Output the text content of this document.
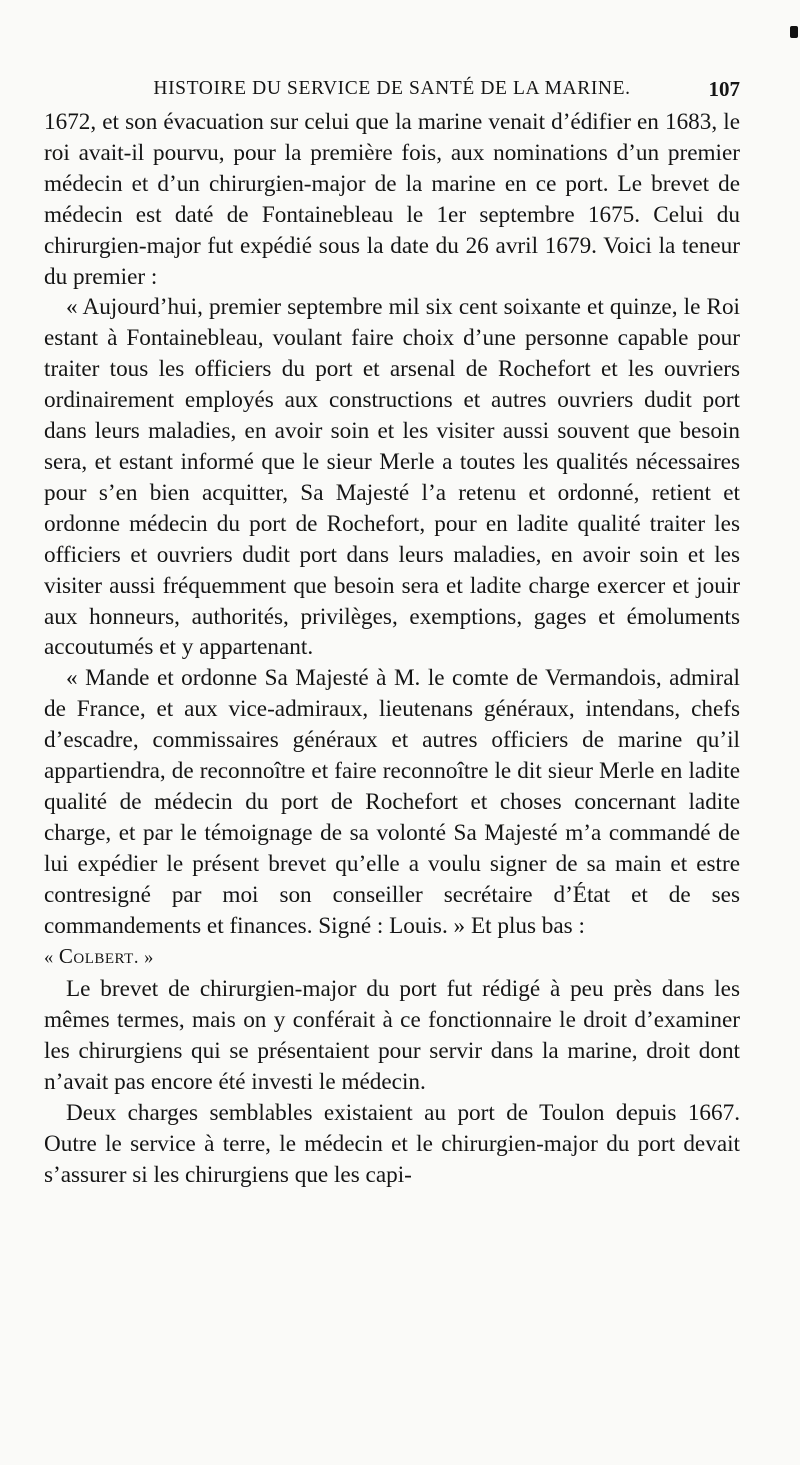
HISTOIRE DU SERVICE DE SANTÉ DE LA MARINE.	107

1672, et son évacuation sur celui que la marine venait d’édifier en 1683, le roi avait-il pourvu, pour la première fois, aux nominations d’un premier médecin et d’un chirurgien-major de la marine en ce port. Le brevet de médecin est daté de Fontainebleau le 1er septembre 1675. Celui du chirurgien-major fut expédié sous la date du 26 avril 1679. Voici la teneur du premier :

« Aujourd’hui, premier septembre mil six cent soixante et quinze, le Roi estant à Fontainebleau, voulant faire choix d’une personne capable pour traiter tous les officiers du port et arsenal de Rochefort et les ouvriers ordinairement employés aux constructions et autres ouvriers dudit port dans leurs maladies, en avoir soin et les visiter aussi souvent que besoin sera, et estant informé que le sieur Merle a toutes les qualités nécessaires pour s’en bien acquitter, Sa Majesté l’a retenu et ordonné, retient et ordonne médecin du port de Rochefort, pour en ladite qualité traiter les officiers et ouvriers dudit port dans leurs maladies, en avoir soin et les visiter aussi fréquemment que besoin sera et ladite charge exercer et jouir aux honneurs, authorités, privilèges, exemptions, gages et émoluments accoutumés et y appartenant.

« Mande et ordonne Sa Majesté à M. le comte de Vermandois, admiral de France, et aux vice-admiraux, lieutenans généraux, intendans, chefs d’escadre, commissaires généraux et autres officiers de marine qu’il appartiendra, de reconnoître et faire reconnoître le dit sieur Merle en ladite qualité de médecin du port de Rochefort et choses concernant ladite charge, et par le témoignage de sa volonté Sa Majesté m’a commandé de lui expédier le présent brevet qu’elle a voulu signer de sa main et estre contresigné par moi son conseiller secrétaire d’État et de ses commandements et finances. Signé : Louis. » Et plus bas :

« Colbert. »

Le brevet de chirurgien-major du port fut rédigé à peu près dans les mêmes termes, mais on y conférait à ce fonctionnaire le droit d’examiner les chirurgiens qui se présentaient pour servir dans la marine, droit dont n’avait pas encore été investi le médecin.

Deux charges semblables existaient au port de Toulon depuis 1667. Outre le service à terre, le médecin et le chirurgien-major du port devait s’assurer si les chirurgiens que les capi-
